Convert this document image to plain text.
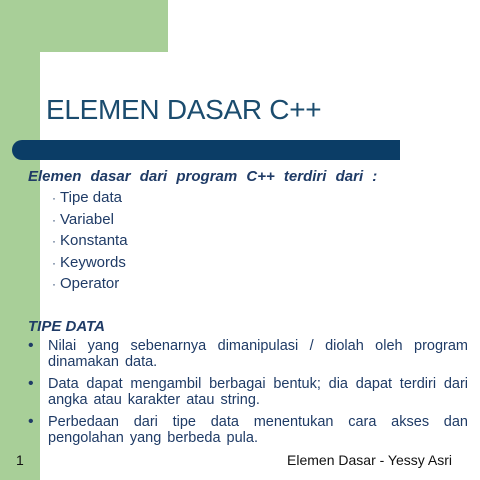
ELEMEN DASAR C++
Elemen dasar dari program C++ terdiri dari :
· Tipe data
· Variabel
· Konstanta
· Keywords
· Operator
TIPE DATA
• Nilai yang sebenarnya dimanipulasi / diolah oleh program dinamakan data.
• Data dapat mengambil berbagai bentuk; dia dapat terdiri dari angka atau karakter atau string.
• Perbedaan dari tipe data menentukan cara akses dan pengolahan yang berbeda pula.
1	Elemen Dasar - Yessy Asri
